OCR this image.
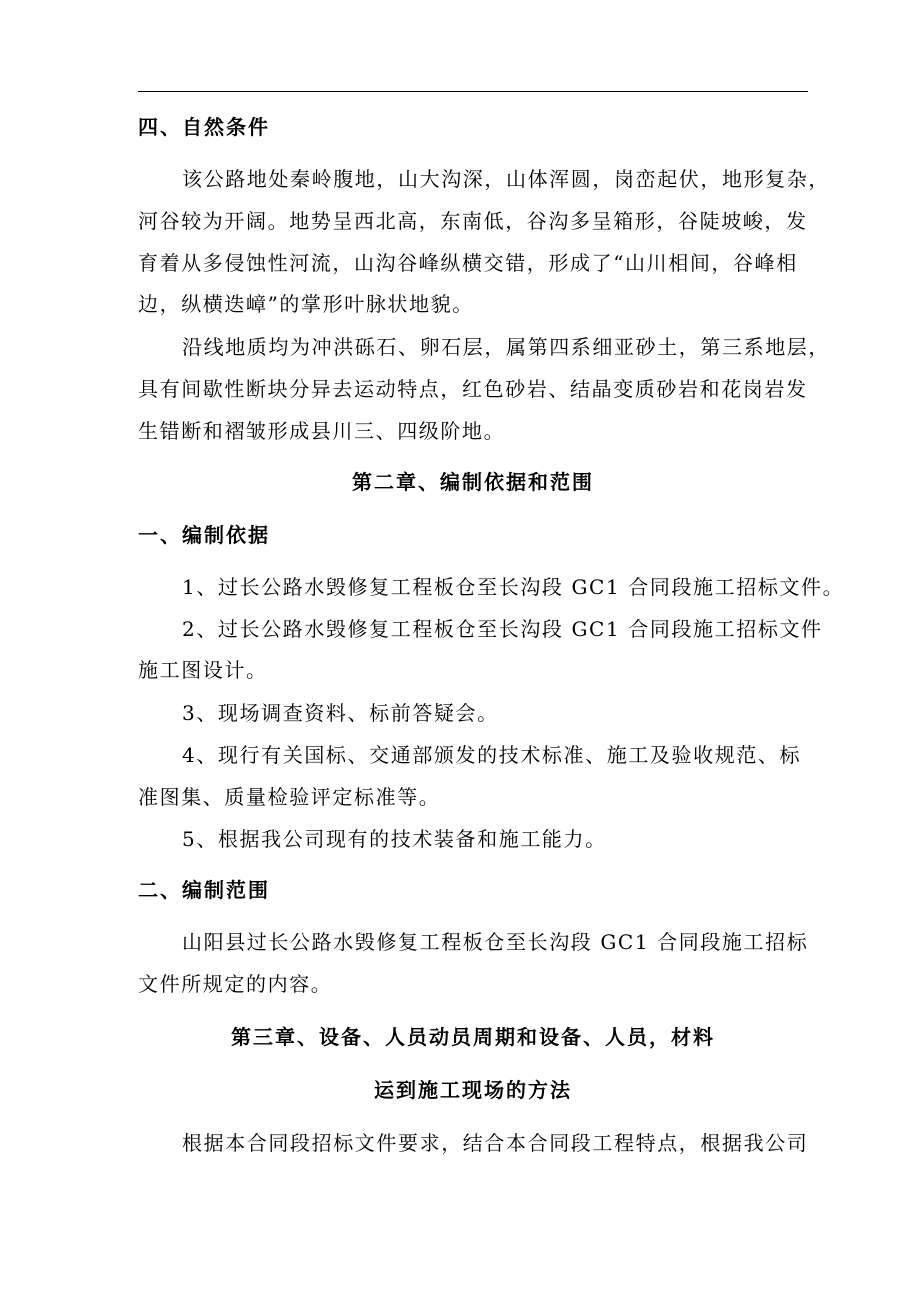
四、自然条件
该公路地处秦岭腹地，山大沟深，山体浑圆，岗峦起伏，地形复杂，
河谷较为开阔。地势呈西北高，东南低，谷沟多呈箱形，谷陡坡峻，发
育着从多侵蚀性河流，山沟谷峰纵横交错，形成了“山川相间，谷峰相
边，纵横迭嶂”的掌形叶脉状地貌。
沿线地质均为冲洪砾石、卵石层，属第四系细亚砂土，第三系地层，
具有间歇性断块分异去运动特点，红色砂岩、结晶变质砂岩和花岗岩发
生错断和褶皱形成县川三、四级阶地。
第二章、编制依据和范围
一、编制依据
1、过长公路水毁修复工程板仓至长沟段 GC1 合同段施工招标文件。
2、过长公路水毁修复工程板仓至长沟段 GC1 合同段施工招标文件
施工图设计。
3、现场调查资料、标前答疑会。
4、现行有关国标、交通部颁发的技术标准、施工及验收规范、标
准图集、质量检验评定标准等。
5、根据我公司现有的技术装备和施工能力。
二、编制范围
山阳县过长公路水毁修复工程板仓至长沟段 GC1 合同段施工招标
文件所规定的内容。
第三章、设备、人员动员周期和设备、人员，材料
运到施工现场的方法
根据本合同段招标文件要求，结合本合同段工程特点，根据我公司
